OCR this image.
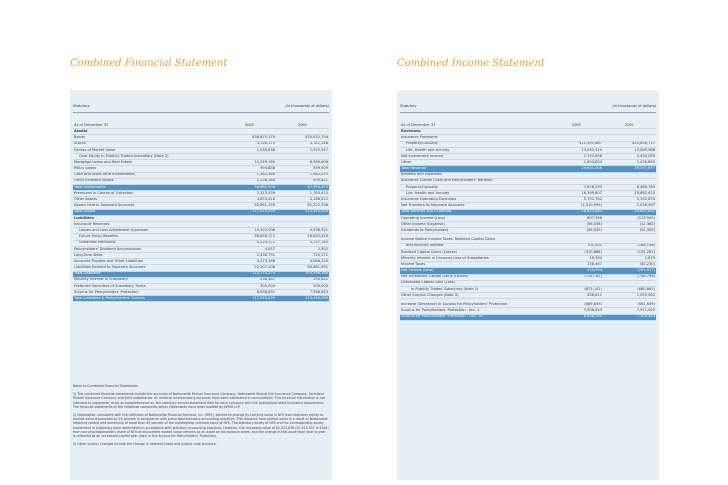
Combined Financial Statement	Combined Income Statement
Statutory	(in thousands of dollars)
As of December 31	2002	2001
Assets		
Bonds	$38,875,179	$30,032,704
Stocks	3,134,175	3,781,148
Excess of Market Value	1,033,838	1,915,537
Over Equity in Publicly Traded Subsidiary (Note 2)		
Mortgage Loans and Real Estate	10,249,180	8,580,608
Policy Loans	994,838	599,509
Cash and Short-Term Investments	1,361,368	1,082,075
Other Invested Assets	1,236,160	509,821
Total Investments	56,884,508	47,250,475
Premiums in Course of Collection	2,313,439	1,783,415
Other Assets	4,853,416	3,188,512
Assets Held in Separate Accounts	52,861,155	61,222,336
Total Assets	117,910,439	113,445,089
Liabilities		
Insurance Reserves:		
Losses and Loss Adjustment Expenses	10,322,006	9,536,321
Future Policy Benefits	36,856,772	26,632,416
Unearned Premiums	4,229,272	3,737,145
Policyholders' Dividend Accumulation	4,057	2,302
Long-Term Debt	1,438,791	720,171
Accounts Payable and Other Liabilities	4,273,166	4,086,220
Liabilities Related to Separate Accounts	52,207,206	60,881,591
Total Liabilities	110,175,270	105,596,166
Minority Interest in Subsidiary	436,467	290,641
Preferred Securities of Subsidiary Trusts	300,000	100,000
Surplus for Policyholders' Protection	6,838,631	7,588,643
Total Liabilities & Policyholders' Surplus	117,910,439	113,445,089

Notes to Combined Financial Statements

1) The combined financial statements include the accounts of Nationwide Mutual Insurance Company, Nationwide Mutual Fire Insurance Company, Farmland Mutual Insurance Company and their subsidiaries. All material intercompany accounts have been eliminated in consolidation. This financial information is not intended to supersede, or be as comprehensive as, the statutory annual statement filed for each company with the appropriate state insurance department. The financial statements of the individual companies within Nationwide have been audited by KPMG LLP.

2) Nationwide, consistent with the definition of Nationwide Financial Services, Inc. (NFS), elected to change its carrying value in NFS from statutory equity to market value discounted by 25 percent in accordance with prescribed statutory accounting practices. This discount from market value is a result of Nationwide retaining control and ownership of more than 63 percent of the outstanding common stock of NFS. The statutory equity of NFS and the corresponding equity investment in subsidiary were determined in accordance with statutory accounting practices. However, the increased value of $1,033,838 ($1,915,537 in 2001) from carrying Nationwide's share of NFS at discounted market value remains as an asset on the balance sheet, and the change in this asset from year to year is reflected as an unrealized capital gain (loss) in the Surplus for Policyholders' Protection.

3) Other surplus changes include the change in deferred taxes and surplus note issuance.

Statutory	(in thousands of dollars)
As of December 31	2002	2001
Revenues		
Insurance Premiums		
Property/Casualty	$11,391,887	$10,630,727
Life, Health and Annuity	13,562,329	15,065,986
Net Investment Income	2,792,856	2,430,085
Other	1,893,834	1,430,899
Total Revenue	29,631,006	29,557,697
Benefits and Expenses		
Insurance Claims Costs and Policyholders' Benefits		
Property/Casualty	7,876,293	8,486,784
Life, Health and Annuity	16,399,607	15,881,615
Insurance Operating Expenses	5,792,762	5,292,676
Net Transfers to Separate Accounts	(1,310,999)	2,030,567
Total Benefits and Expenses	28,823,663	29,691,642
Operating Income (Loss)	807,348	(123,945)
Other Income (Expense)	(56,038)	(12,362)
Dividends to Policyholders	(49,939)	(52,329)

Income Before Income Taxes, Realized Capital Gains		
and Minority Interest	701,551	(188,136)
Realized Capital Gains (Losses)	(310,668)	(135,281)
Minority Interest in (Income) Loss of Subsidiaries	18,354	1,675
Income Taxes	138,497	(30,230)
Net Income (Loss)	550,994	(291,677)
Net Unrealized Capital Gains (Losses)	(726,785)	(748,798)
Unrealized Capital Gain (Loss)		
in Publicly Traded Subsidiary (Note 2)	(873,142)	(680,862)
Other Surplus Changes (Note 3)	456,811	1,059,062

Increase (Decrease) in Surplus for Policyholders' Protection	(689,849)	(661,649)
Surplus for Policyholders' Protection - Jan. 1	7,508,643	7,971,092
Surplus for Policyholders' Protection - Dec. 31	6,838,795	7,309,443
